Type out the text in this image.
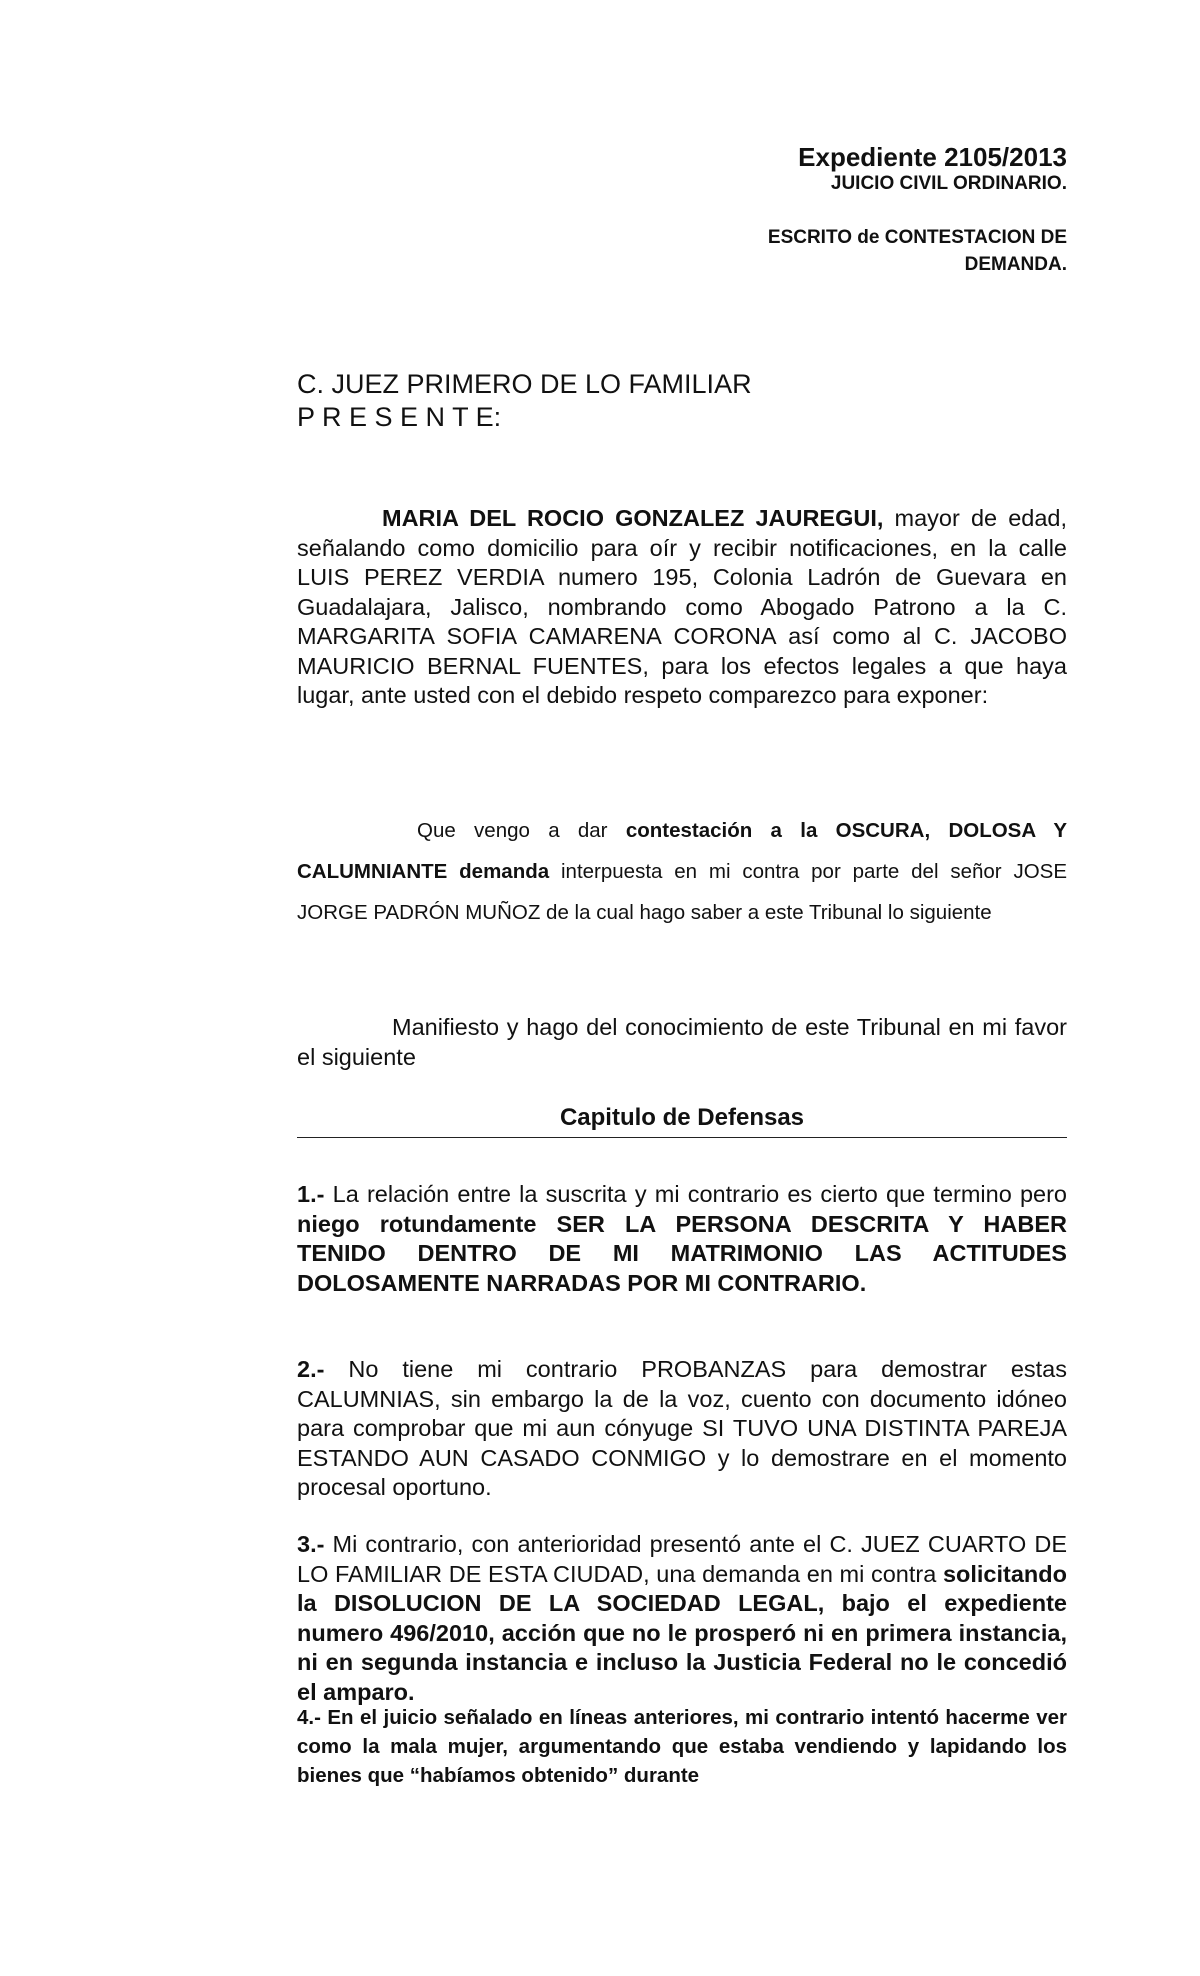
Expediente 2105/2013
JUICIO CIVIL ORDINARIO.
ESCRITO de CONTESTACION DE
DEMANDA.
C. JUEZ PRIMERO DE LO FAMILIAR
P R E S E N T E:
MARIA DEL ROCIO GONZALEZ JAUREGUI, mayor de edad, señalando como domicilio para oír y recibir notificaciones, en la calle LUIS PEREZ VERDIA numero 195, Colonia Ladrón de Guevara en Guadalajara, Jalisco, nombrando como Abogado Patrono a la C. MARGARITA SOFIA CAMARENA CORONA así como al C. JACOBO MAURICIO BERNAL FUENTES, para los efectos legales a que haya lugar, ante usted con el debido respeto comparezco para exponer:
Que vengo a dar contestación a la OSCURA, DOLOSA Y CALUMNIANTE demanda interpuesta en mi contra por parte del señor JOSE JORGE PADRÓN MUÑOZ de la cual hago saber a este Tribunal lo siguiente
Manifiesto y hago del conocimiento de este Tribunal en mi favor el siguiente
Capitulo de Defensas
1.- La relación entre la suscrita y mi contrario es cierto que termino pero niego rotundamente SER LA PERSONA DESCRITA Y HABER TENIDO DENTRO DE MI MATRIMONIO LAS ACTITUDES DOLOSAMENTE NARRADAS POR MI CONTRARIO.
2.- No tiene mi contrario PROBANZAS para demostrar estas CALUMNIAS, sin embargo la de la voz, cuento con documento idóneo para comprobar que mi aun cónyuge SI TUVO UNA DISTINTA PAREJA ESTANDO AUN CASADO CONMIGO y lo demostrare en el momento procesal oportuno.
3.- Mi contrario, con anterioridad presentó ante el C. JUEZ CUARTO DE LO FAMILIAR DE ESTA CIUDAD, una demanda en mi contra solicitando la DISOLUCION DE LA SOCIEDAD LEGAL, bajo el expediente numero 496/2010, acción que no le prosperó ni en primera instancia, ni en segunda instancia e incluso la Justicia Federal no le concedió el amparo.
4.- En el juicio señalado en líneas anteriores, mi contrario intentó hacerme ver como la mala mujer, argumentando que estaba vendiendo y lapidando los bienes que “habíamos obtenido” durante
